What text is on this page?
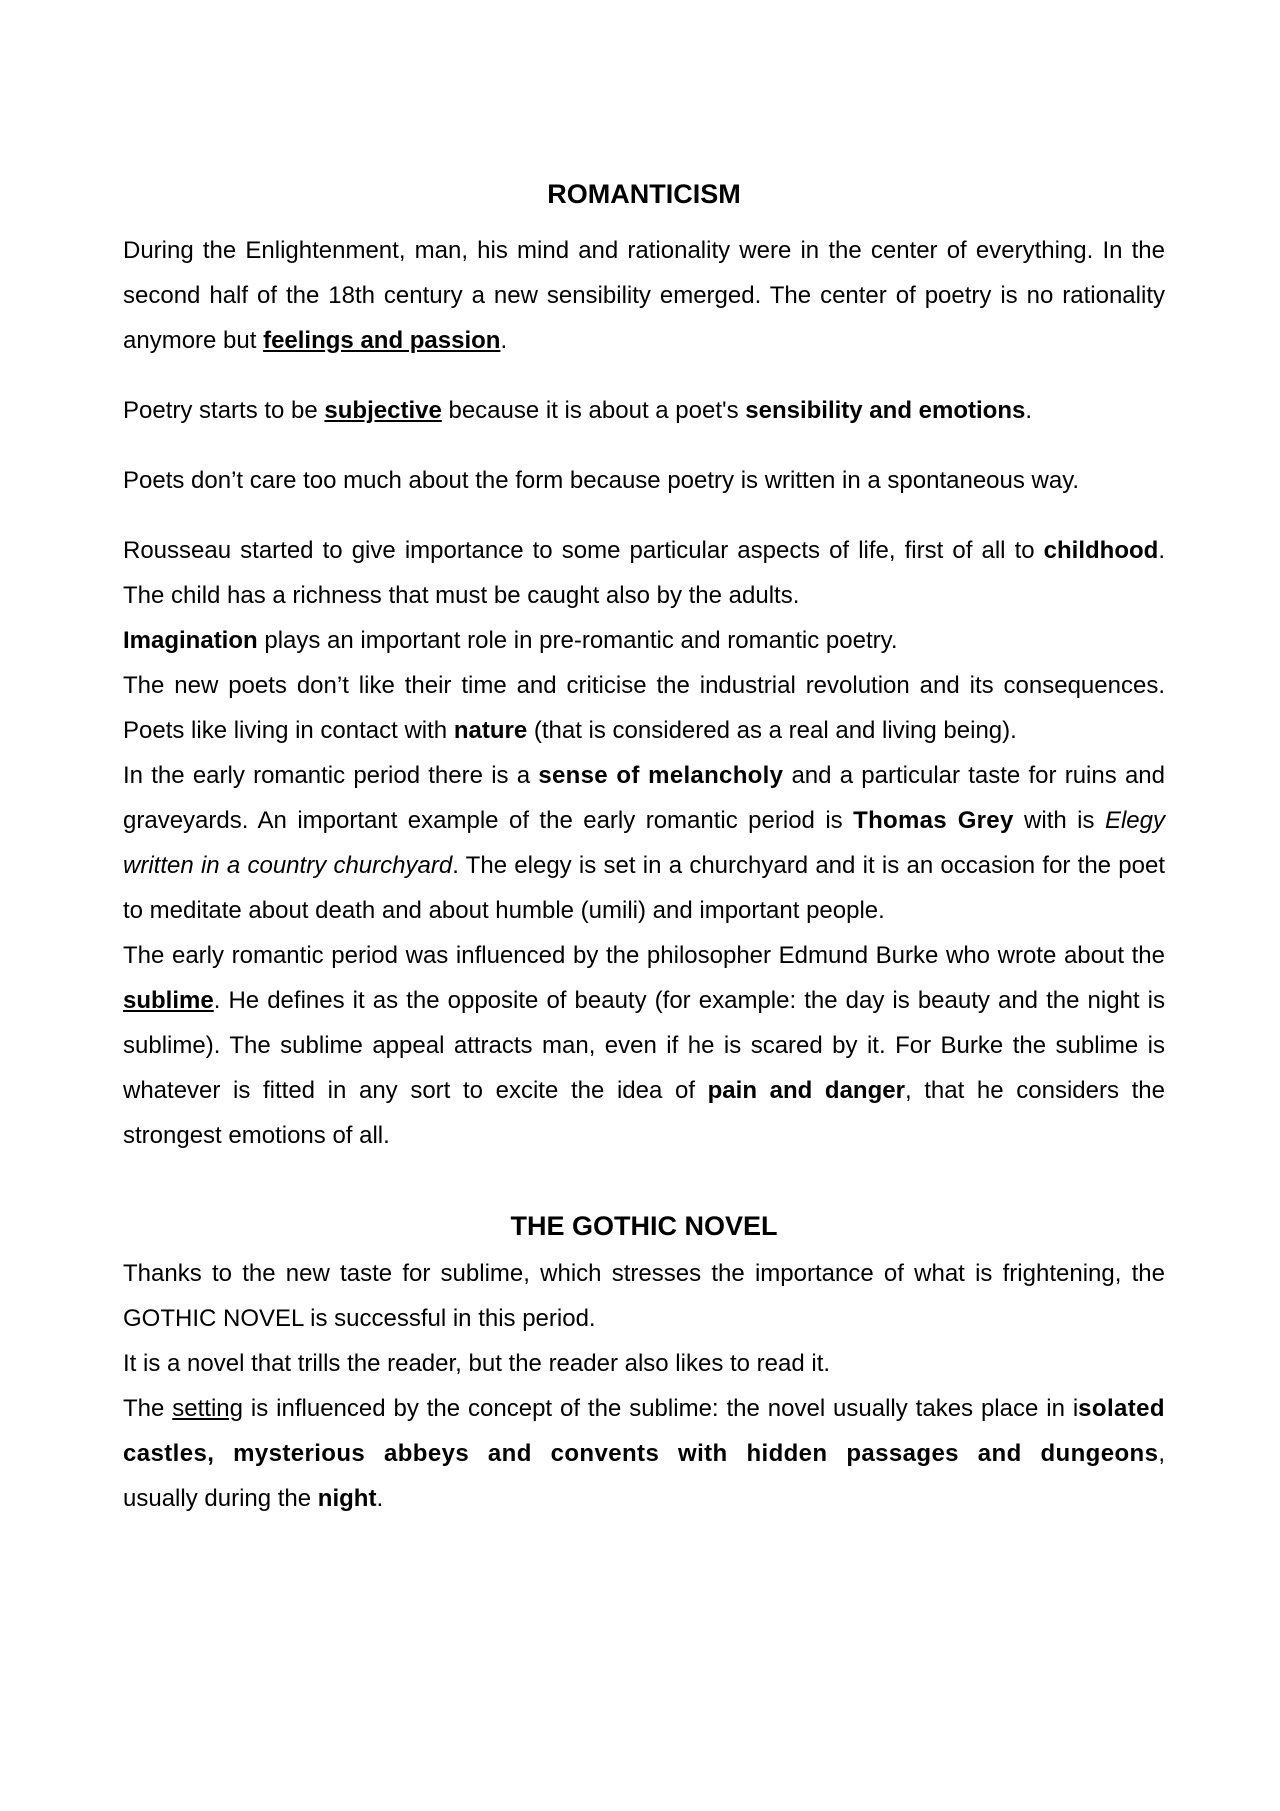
ROMANTICISM

During the Enlightenment, man, his mind and rationality were in the center of everything. In the second half of the 18th century a new sensibility emerged. The center of poetry is no rationality anymore but feelings and passion.

Poetry starts to be subjective because it is about a poet's sensibility and emotions.

Poets don’t care too much about the form because poetry is written in a spontaneous way.

Rousseau started to give importance to some particular aspects of life, first of all to childhood. The child has a richness that must be caught also by the adults.

Imagination plays an important role in pre-romantic and romantic poetry.

The new poets don’t like their time and criticise the industrial revolution and its consequences. Poets like living in contact with nature (that is considered as a real and living being).

In the early romantic period there is a sense of melancholy and a particular taste for ruins and graveyards. An important example of the early romantic period is Thomas Grey with is Elegy written in a country churchyard. The elegy is set in a churchyard and it is an occasion for the poet to meditate about death and about humble (umili) and important people.

The early romantic period was influenced by the philosopher Edmund Burke who wrote about the sublime. He defines it as the opposite of beauty (for example: the day is beauty and the night is sublime). The sublime appeal attracts man, even if he is scared by it. For Burke the sublime is whatever is fitted in any sort to excite the idea of pain and danger, that he considers the strongest emotions of all.

THE GOTHIC NOVEL

Thanks to the new taste for sublime, which stresses the importance of what is frightening, the GOTHIC NOVEL is successful in this period.

It is a novel that trills the reader, but the reader also likes to read it.

The setting is influenced by the concept of the sublime: the novel usually takes place in isolated castles, mysterious abbeys and convents with hidden passages and dungeons, usually during the night.
